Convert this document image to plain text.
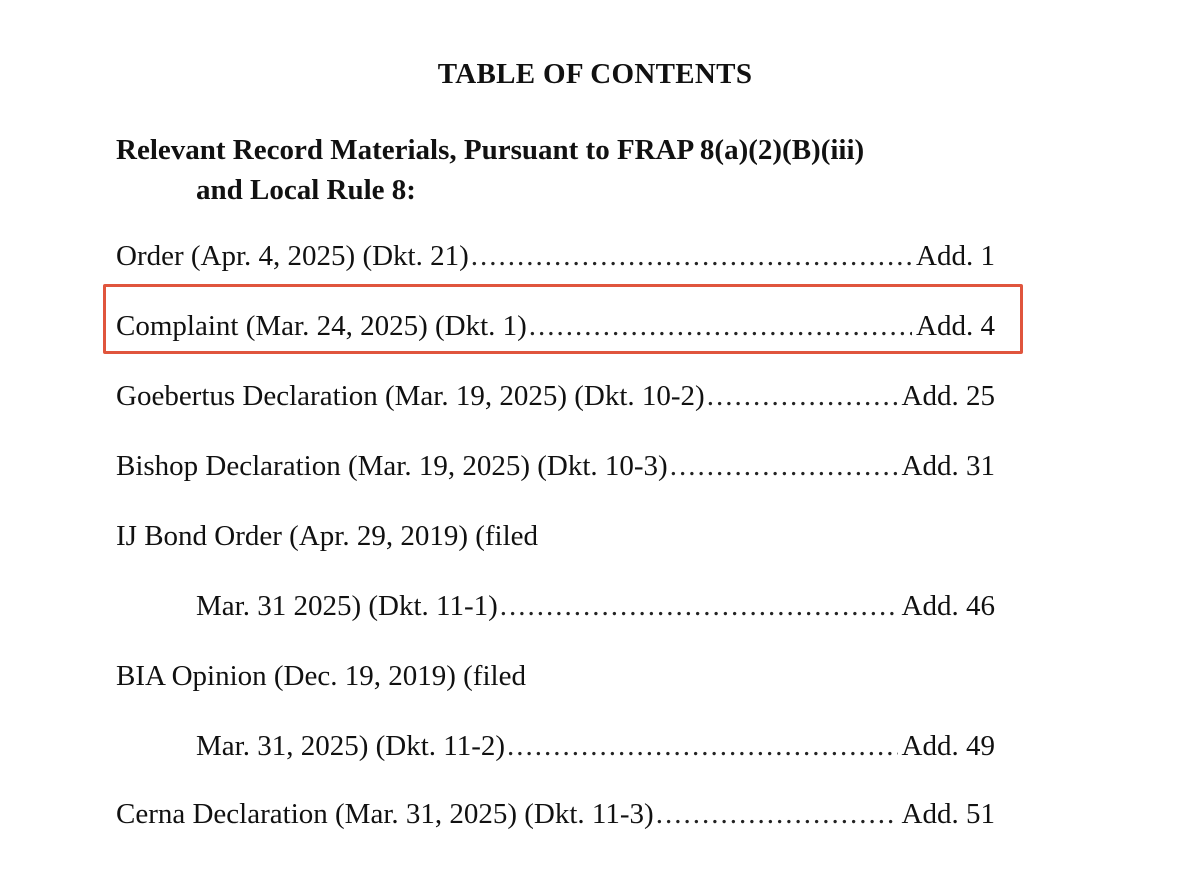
TABLE OF CONTENTS
Relevant Record Materials, Pursuant to FRAP 8(a)(2)(B)(iii)
and Local Rule 8:
Order (Apr. 4, 2025) (Dkt. 21) .....	Add. 1
Complaint (Mar. 24, 2025) (Dkt. 1) .....	Add. 4
Goebertus Declaration (Mar. 19, 2025) (Dkt. 10-2) .....	Add. 25
Bishop Declaration (Mar. 19, 2025) (Dkt. 10-3) .....	Add. 31
IJ Bond Order (Apr. 29, 2019) (filed
Mar. 31 2025) (Dkt. 11-1) .....	Add. 46
BIA Opinion (Dec. 19, 2019) (filed
Mar. 31, 2025) (Dkt. 11-2) .....	Add. 49
Cerna Declaration (Mar. 31, 2025) (Dkt. 11-3) .....	Add. 51
